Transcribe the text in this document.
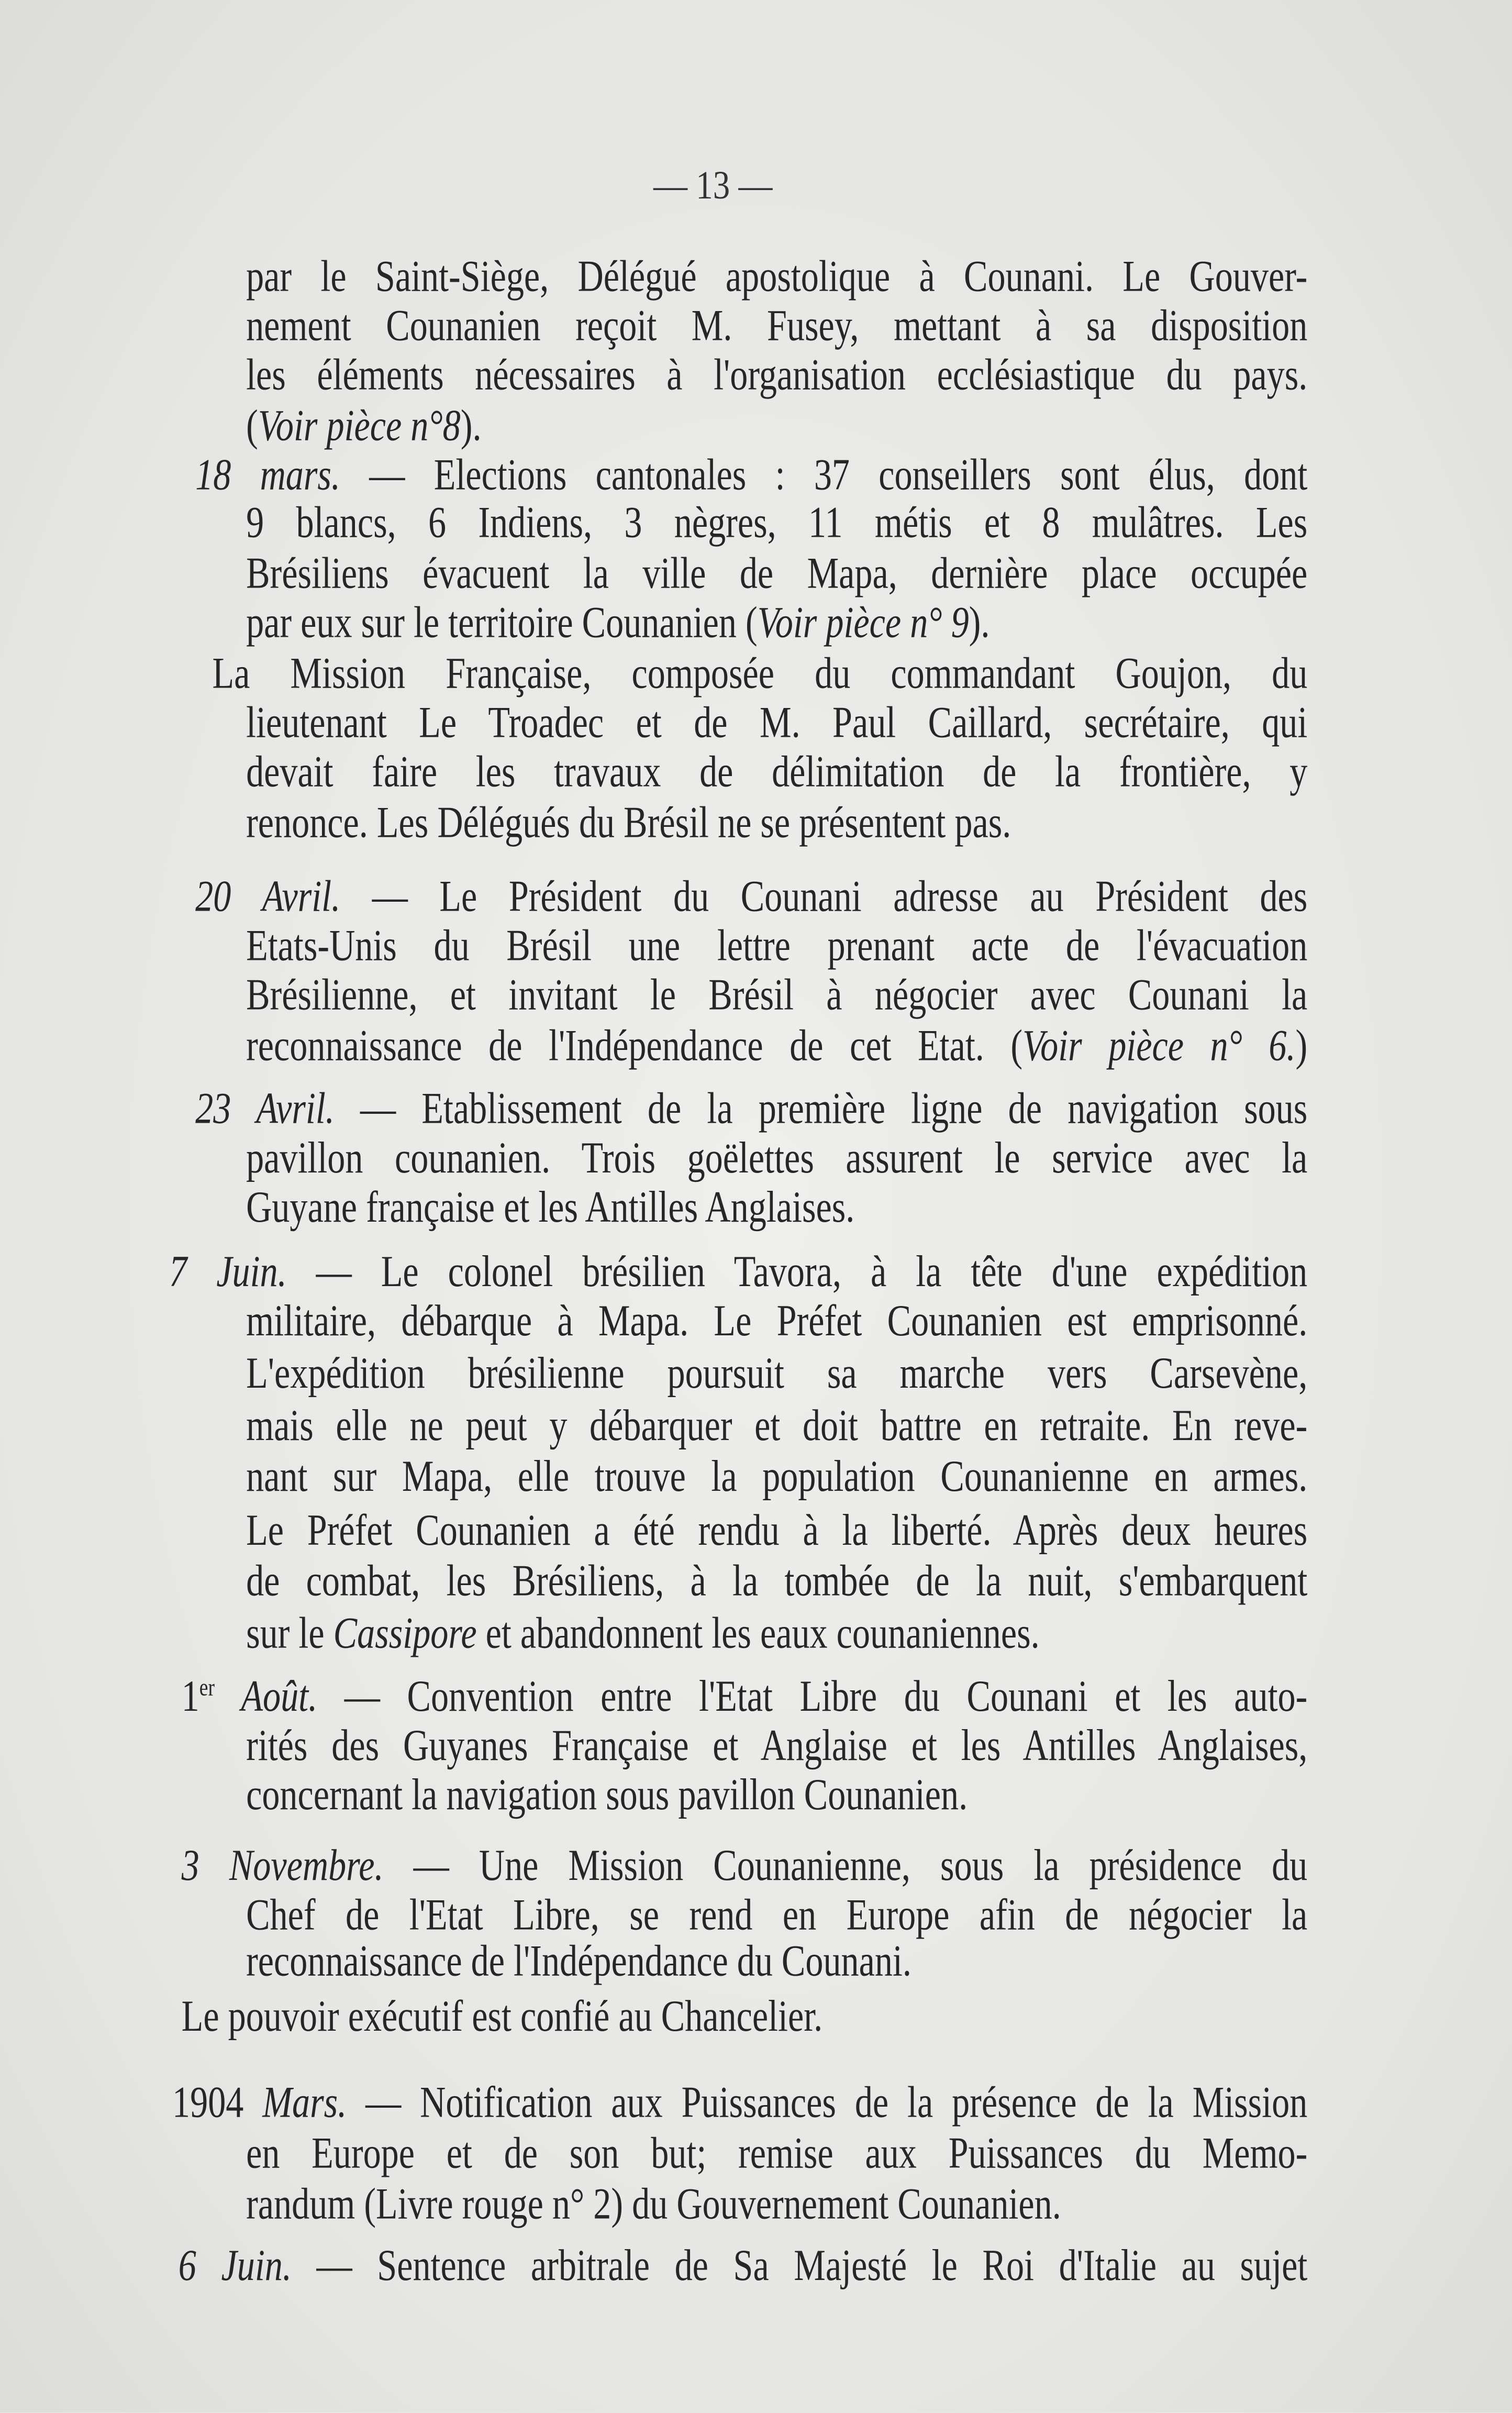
— 13 —
par le Saint-Siège, Délégué apostolique à Counani. Le Gouver-
nement Counanien reçoit M. Fusey, mettant à sa disposition
les éléments nécessaires à l'organisation ecclésiastique du pays.
(Voir pièce n°8).
18 mars. — Elections cantonales : 37 conseillers sont élus, dont
9 blancs, 6 Indiens, 3 nègres, 11 métis et 8 mulâtres. Les
Brésiliens évacuent la ville de Mapa, dernière place occupée
par eux sur le territoire Counanien (Voir pièce n° 9).
La Mission Française, composée du commandant Goujon, du
lieutenant Le Troadec et de M. Paul Caillard, secrétaire, qui
devait faire les travaux de délimitation de la frontière, y
renonce. Les Délégués du Brésil ne se présentent pas.
20 Avril. — Le Président du Counani adresse au Président des
Etats-Unis du Brésil une lettre prenant acte de l'évacuation
Brésilienne, et invitant le Brésil à négocier avec Counani la
reconnaissance de l'Indépendance de cet Etat. (Voir pièce n° 6.)
23 Avril. — Etablissement de la première ligne de navigation sous
pavillon counanien. Trois goëlettes assurent le service avec la
Guyane française et les Antilles Anglaises.
7 Juin. — Le colonel brésilien Tavora, à la tête d'une expédition
militaire, débarque à Mapa. Le Préfet Counanien est emprisonné.
L'expédition brésilienne poursuit sa marche vers Carsevène,
mais elle ne peut y débarquer et doit battre en retraite. En reve-
nant sur Mapa, elle trouve la population Counanienne en armes.
Le Préfet Counanien a été rendu à la liberté. Après deux heures
de combat, les Brésiliens, à la tombée de la nuit, s'embarquent
sur le Cassipore et abandonnent les eaux counaniennes.
1er Août. — Convention entre l'Etat Libre du Counani et les auto-
rités des Guyanes Française et Anglaise et les Antilles Anglaises,
concernant la navigation sous pavillon Counanien.
3 Novembre. — Une Mission Counanienne, sous la présidence du
Chef de l'Etat Libre, se rend en Europe afin de négocier la
reconnaissance de l'Indépendance du Counani.
Le pouvoir exécutif est confié au Chancelier.
1904 Mars. — Notification aux Puissances de la présence de la Mission
en Europe et de son but; remise aux Puissances du Memo-
randum (Livre rouge n° 2) du Gouvernement Counanien.
6 Juin. — Sentence arbitrale de Sa Majesté le Roi d'Italie au sujet
